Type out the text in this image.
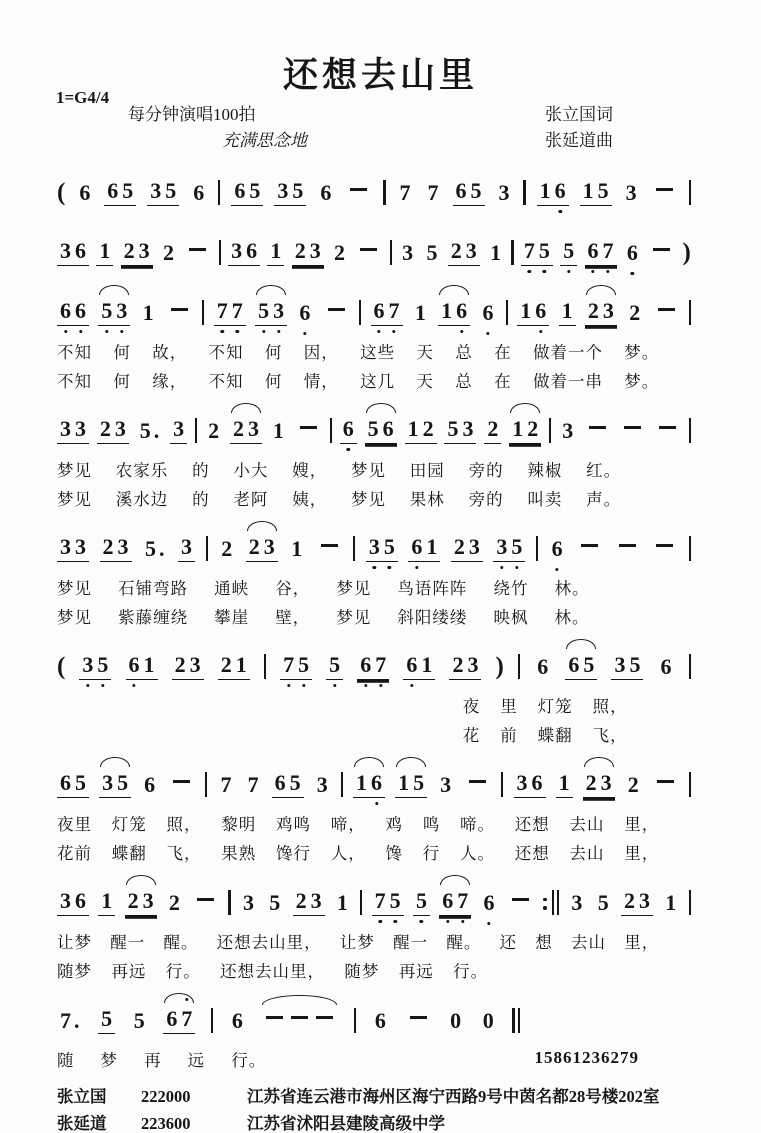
1=G4/4
还想去山里
每分钟演唱100拍	张立国词
充满思念地	张延道曲
( 6 6 5 3 5 6 6 5 3 5 6	7 7 6 5 3 1 6 1 5 3
3 6 1 2 3 2	3 6 1 2 3 2	3 5 2 3 1 7 5 5 6 7 6 )
6 6 5 3 1	7 7 5 3 6	6 7 1 1 6 6 1 6 1 2 3 2
不知 何 故， 不知 何 因， 这些 天 总 在 做着一个 梦。
不知 何 缘， 不知 何 情， 这几 天 总 在 做着一串 梦。
3 3 2 3 5 . 3 2 2 3 1	6 5 6 1 2 5 3 2 1 2 3
梦见 农家乐 的 小大 嫂， 梦见 田园 旁的 辣椒 红。
梦见 溪水边 的 老阿 姨， 梦见 果林 旁的 叫卖 声。
3 3 2 3 5 . 3 2 2 3 1	3 5 6 1 2 3 3 5 6
梦见 石铺弯路 通峡 谷， 梦见 鸟语阵阵 绕竹 林。
梦见 紫藤缠绕 攀崖 壁， 梦见 斜阳缕缕 映枫 林。
( 3 5 6 1 2 3 2 1 7 5 5 6 7 6 1 2 3 ) 6 6 5 3 5 6
夜 里 灯笼 照，
花 前 蝶翻 飞，
6 5 3 5 6	7 7 6 5 3 1 6 1 5 3	3 6 1 2 3 2
夜里 灯笼 照， 黎明 鸡鸣 啼， 鸡 鸣 啼。 还想 去山 里，
花前 蝶翻 飞， 果熟 馋行 人， 馋 行 人。 还想 去山 里，
3 6 1 2 3 2	3 5 2 3 1 7 5 5 6 7 6	3 5 2 3 1
让梦 醒一 醒。 还想去山里， 让梦 醒一 醒。 还 想 去山 里，
随梦 再远 行。 还想去山里， 随梦 再远 行。
7 . 5 5 6 7 6	6	0 0
随 梦 再 远 行。	15861236279
张立国	222000	江苏省连云港市海州区海宁西路9号中茵名都28号楼202室
张延道	223600	江苏省沭阳县建陵高级中学
